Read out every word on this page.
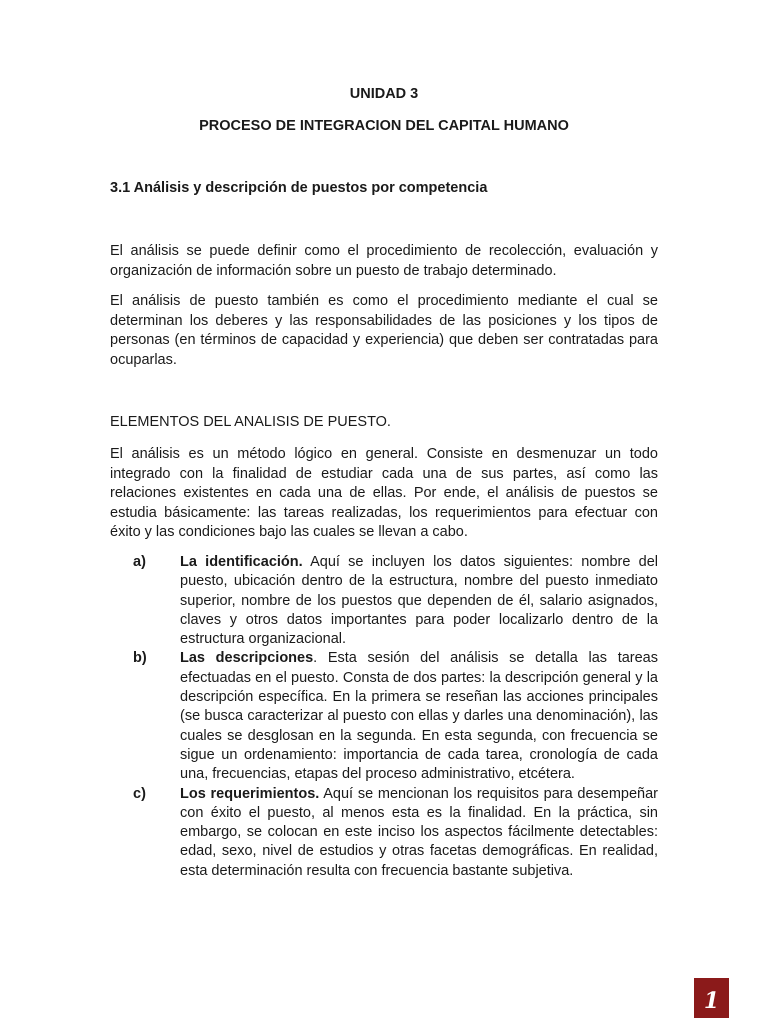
UNIDAD 3

PROCESO DE INTEGRACION DEL CAPITAL HUMANO

3.1 Análisis y descripción de puestos por competencia

El análisis se puede definir como el procedimiento de recolección, evaluación y organización de información sobre un puesto de trabajo determinado.

El análisis de puesto también es como el procedimiento mediante el cual se determinan los deberes y las responsabilidades de las posiciones y los tipos de personas (en términos de capacidad y experiencia) que deben ser contratadas para ocuparlas.

ELEMENTOS DEL ANALISIS DE PUESTO.

El análisis es un método lógico en general. Consiste en desmenuzar un todo integrado con la finalidad de estudiar cada una de sus partes, así como las relaciones existentes en cada una de ellas. Por ende, el análisis de puestos se estudia básicamente: las tareas realizadas, los requerimientos para efectuar con éxito y las condiciones bajo las cuales se llevan a cabo.

a)	La identificación. Aquí se incluyen los datos siguientes: nombre del puesto, ubicación dentro de la estructura, nombre del puesto inmediato superior, nombre de los puestos que dependen de él, salario asignados, claves y otros datos importantes para poder localizarlo dentro de la estructura organizacional.
b)	Las descripciones. Esta sesión del análisis se detalla las tareas efectuadas en el puesto. Consta de dos partes: la descripción general y la descripción específica. En la primera se reseñan las acciones principales (se busca caracterizar al puesto con ellas y darles una denominación), las cuales se desglosan en la segunda. En esta segunda, con frecuencia se sigue un ordenamiento: importancia de cada tarea, cronología de cada una, frecuencias, etapas del proceso administrativo, etcétera.
c)	Los requerimientos. Aquí se mencionan los requisitos para desempeñar con éxito el puesto, al menos esta es la finalidad. En la práctica, sin embargo, se colocan en este inciso los aspectos fácilmente detectables: edad, sexo, nivel de estudios y otras facetas demográficas. En realidad, esta determinación resulta con frecuencia bastante subjetiva.
1
